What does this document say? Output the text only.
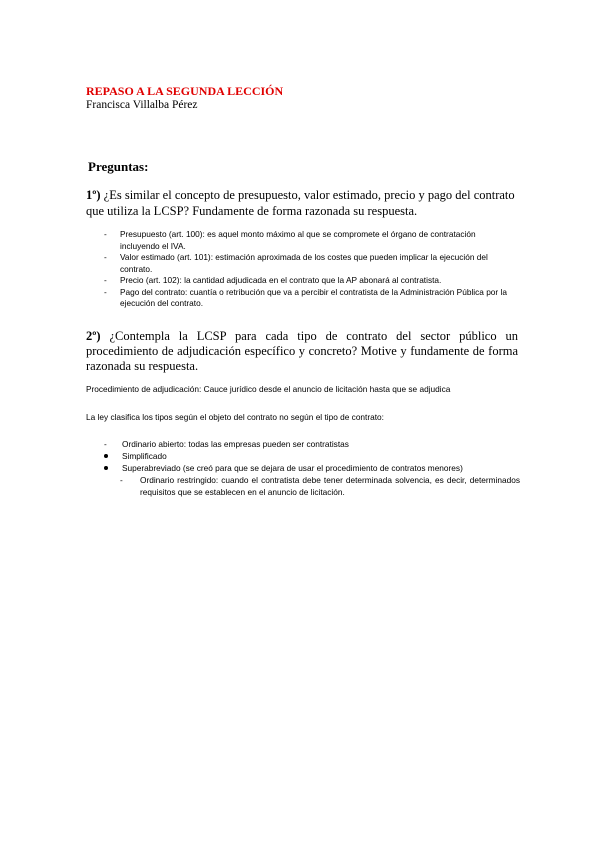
REPASO A LA SEGUNDA LECCIÓN
Francisca Villalba Pérez
Preguntas:
1º) ¿Es similar el concepto de presupuesto, valor estimado, precio y pago del contrato que utiliza la LCSP? Fundamente de forma razonada su respuesta.
- Presupuesto (art. 100): es aquel monto máximo al que se compromete el órgano de contratación incluyendo el IVA.
- Valor estimado (art. 101): estimación aproximada de los costes que pueden implicar la ejecución del contrato.
- Precio (art. 102): la cantidad adjudicada en el contrato que la AP abonará al contratista.
- Pago del contrato: cuantía o retribución que va a percibir el contratista de la Administración Pública por la ejecución del contrato.
2º) ¿Contempla la LCSP para cada tipo de contrato del sector público un procedimiento de adjudicación específico y concreto? Motive y fundamente de forma razonada su respuesta.
Procedimiento de adjudicación: Cauce jurídico desde el anuncio de licitación hasta que se adjudica
La ley clasifica los tipos según el objeto del contrato no según el tipo de contrato:
- Ordinario abierto: todas las empresas pueden ser contratistas
Simplificado
Superabreviado (se creó para que se dejara de usar el procedimiento de contratos menores)
- Ordinario restringido: cuando el contratista debe tener determinada solvencia, es decir, determinados requisitos que se establecen en el anuncio de licitación.
